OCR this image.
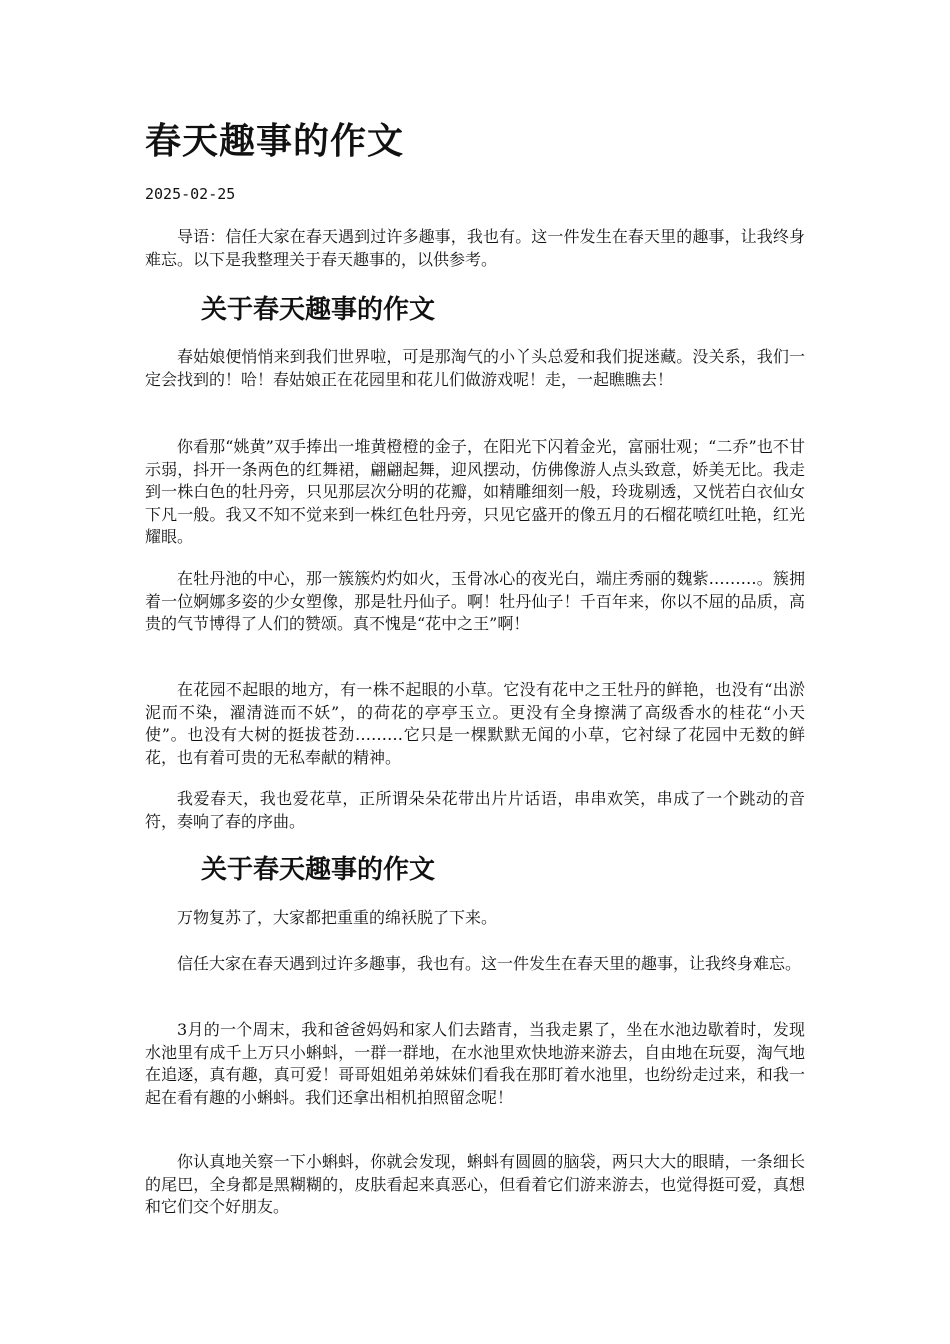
春天趣事的作文
2025-02-25

导语：信任大家在春天遇到过许多趣事，我也有。这一件发生在春天里的趣事，让我终身难忘。以下是我整理关于春天趣事的，以供参考。

关于春天趣事的作文

春姑娘便悄悄来到我们世界啦，可是那淘气的小丫头总爱和我们捉迷藏。没关系，我们一定会找到的！哈！春姑娘正在花园里和花儿们做游戏呢！走，一起瞧瞧去！

你看那“姚黄”双手捧出一堆黄橙橙的金子，在阳光下闪着金光，富丽壮观；“二乔”也不甘示弱，抖开一条两色的红舞裙，翩翩起舞，迎风摆动，仿佛像游人点头致意，娇美无比。我走到一株白色的牡丹旁，只见那层次分明的花瓣，如精雕细刻一般，玲珑剔透，又恍若白衣仙女下凡一般。我又不知不觉来到一株红色牡丹旁，只见它盛开的像五月的石榴花喷红吐艳，红光耀眼。

在牡丹池的中心，那一簇簇灼灼如火，玉骨冰心的夜光白，端庄秀丽的魏紫………。簇拥着一位婀娜多姿的少女塑像，那是牡丹仙子。啊！牡丹仙子！千百年来，你以不屈的品质，高贵的气节博得了人们的赞颂。真不愧是“花中之王”啊！

在花园不起眼的地方，有一株不起眼的小草。它没有花中之王牡丹的鲜艳，也没有“出淤泥而不染，濯清涟而不妖”，的荷花的亭亭玉立。更没有全身擦满了高级香水的桂花“小天使”。也没有大树的挺拔苍劲………它只是一棵默默无闻的小草，它衬绿了花园中无数的鲜花，也有着可贵的无私奉献的精神。

我爱春天，我也爱花草，正所谓朵朵花带出片片话语，串串欢笑，串成了一个跳动的音符，奏响了春的序曲。

关于春天趣事的作文

万物复苏了，大家都把重重的绵袄脱了下来。

信任大家在春天遇到过许多趣事，我也有。这一件发生在春天里的趣事，让我终身难忘。

3月的一个周末，我和爸爸妈妈和家人们去踏青，当我走累了，坐在水池边歇着时，发现水池里有成千上万只小蝌蚪，一群一群地，在水池里欢快地游来游去，自由地在玩耍，淘气地在追逐，真有趣，真可爱！哥哥姐姐弟弟妹妹们看我在那盯着水池里，也纷纷走过来，和我一起在看有趣的小蝌蚪。我们还拿出相机拍照留念呢！

你认真地关察一下小蝌蚪，你就会发现，蝌蚪有圆圆的脑袋，两只大大的眼睛，一条细长的尾巴，全身都是黑糊糊的，皮肤看起来真恶心，但看着它们游来游去，也觉得挺可爱，真想和它们交个好朋友。
